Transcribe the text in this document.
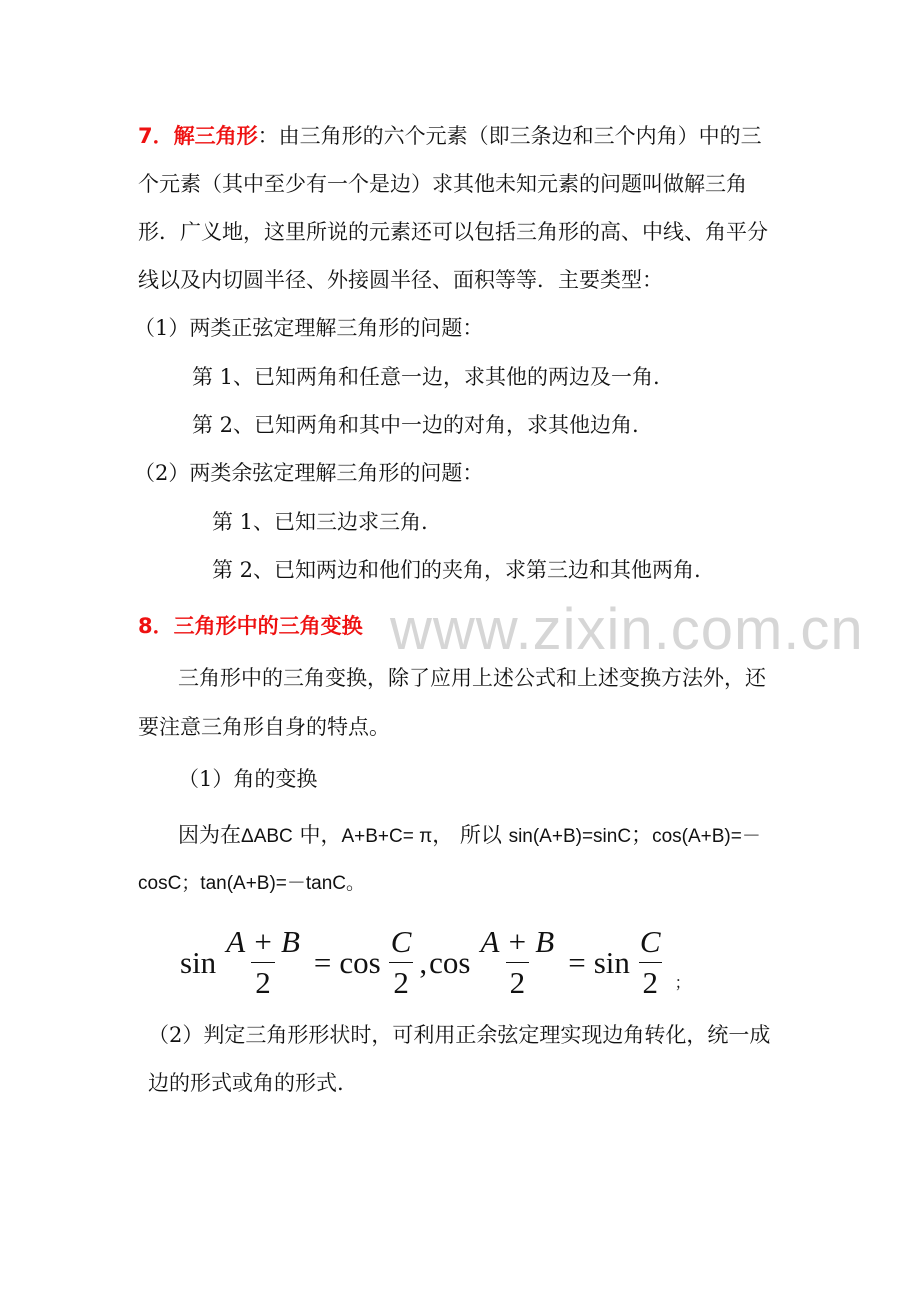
www.zixin.com.cn
7．解三角形：由三角形的六个元素（即三条边和三个内角）中的三
个元素（其中至少有一个是边）求其他未知元素的问题叫做解三角
形．广义地，这里所说的元素还可以包括三角形的高、中线、角平分
线以及内切圆半径、外接圆半径、面积等等．主要类型：
（1）两类正弦定理解三角形的问题：
第 1、已知两角和任意一边，求其他的两边及一角.
第 2、已知两角和其中一边的对角，求其他边角.
（2）两类余弦定理解三角形的问题：
第 1、已知三边求三角.
第 2、已知两边和他们的夹角，求第三边和其他两角.
8．三角形中的三角变换
三角形中的三角变换，除了应用上述公式和上述变换方法外，还
要注意三角形自身的特点。
（1）角的变换
因为在ΔABC 中，A+B+C= π， 所以 sin(A+B)=sinC；cos(A+B)=－
cosC；tan(A+B)=－tanC。
$\sin \frac{A + B}{2} = \cos \frac{C}{2}$ , $\cos \frac{A + B}{2} = \sin \frac{C}{2}$ ；
（2）判定三角形形状时，可利用正余弦定理实现边角转化，统一成
边的形式或角的形式.
